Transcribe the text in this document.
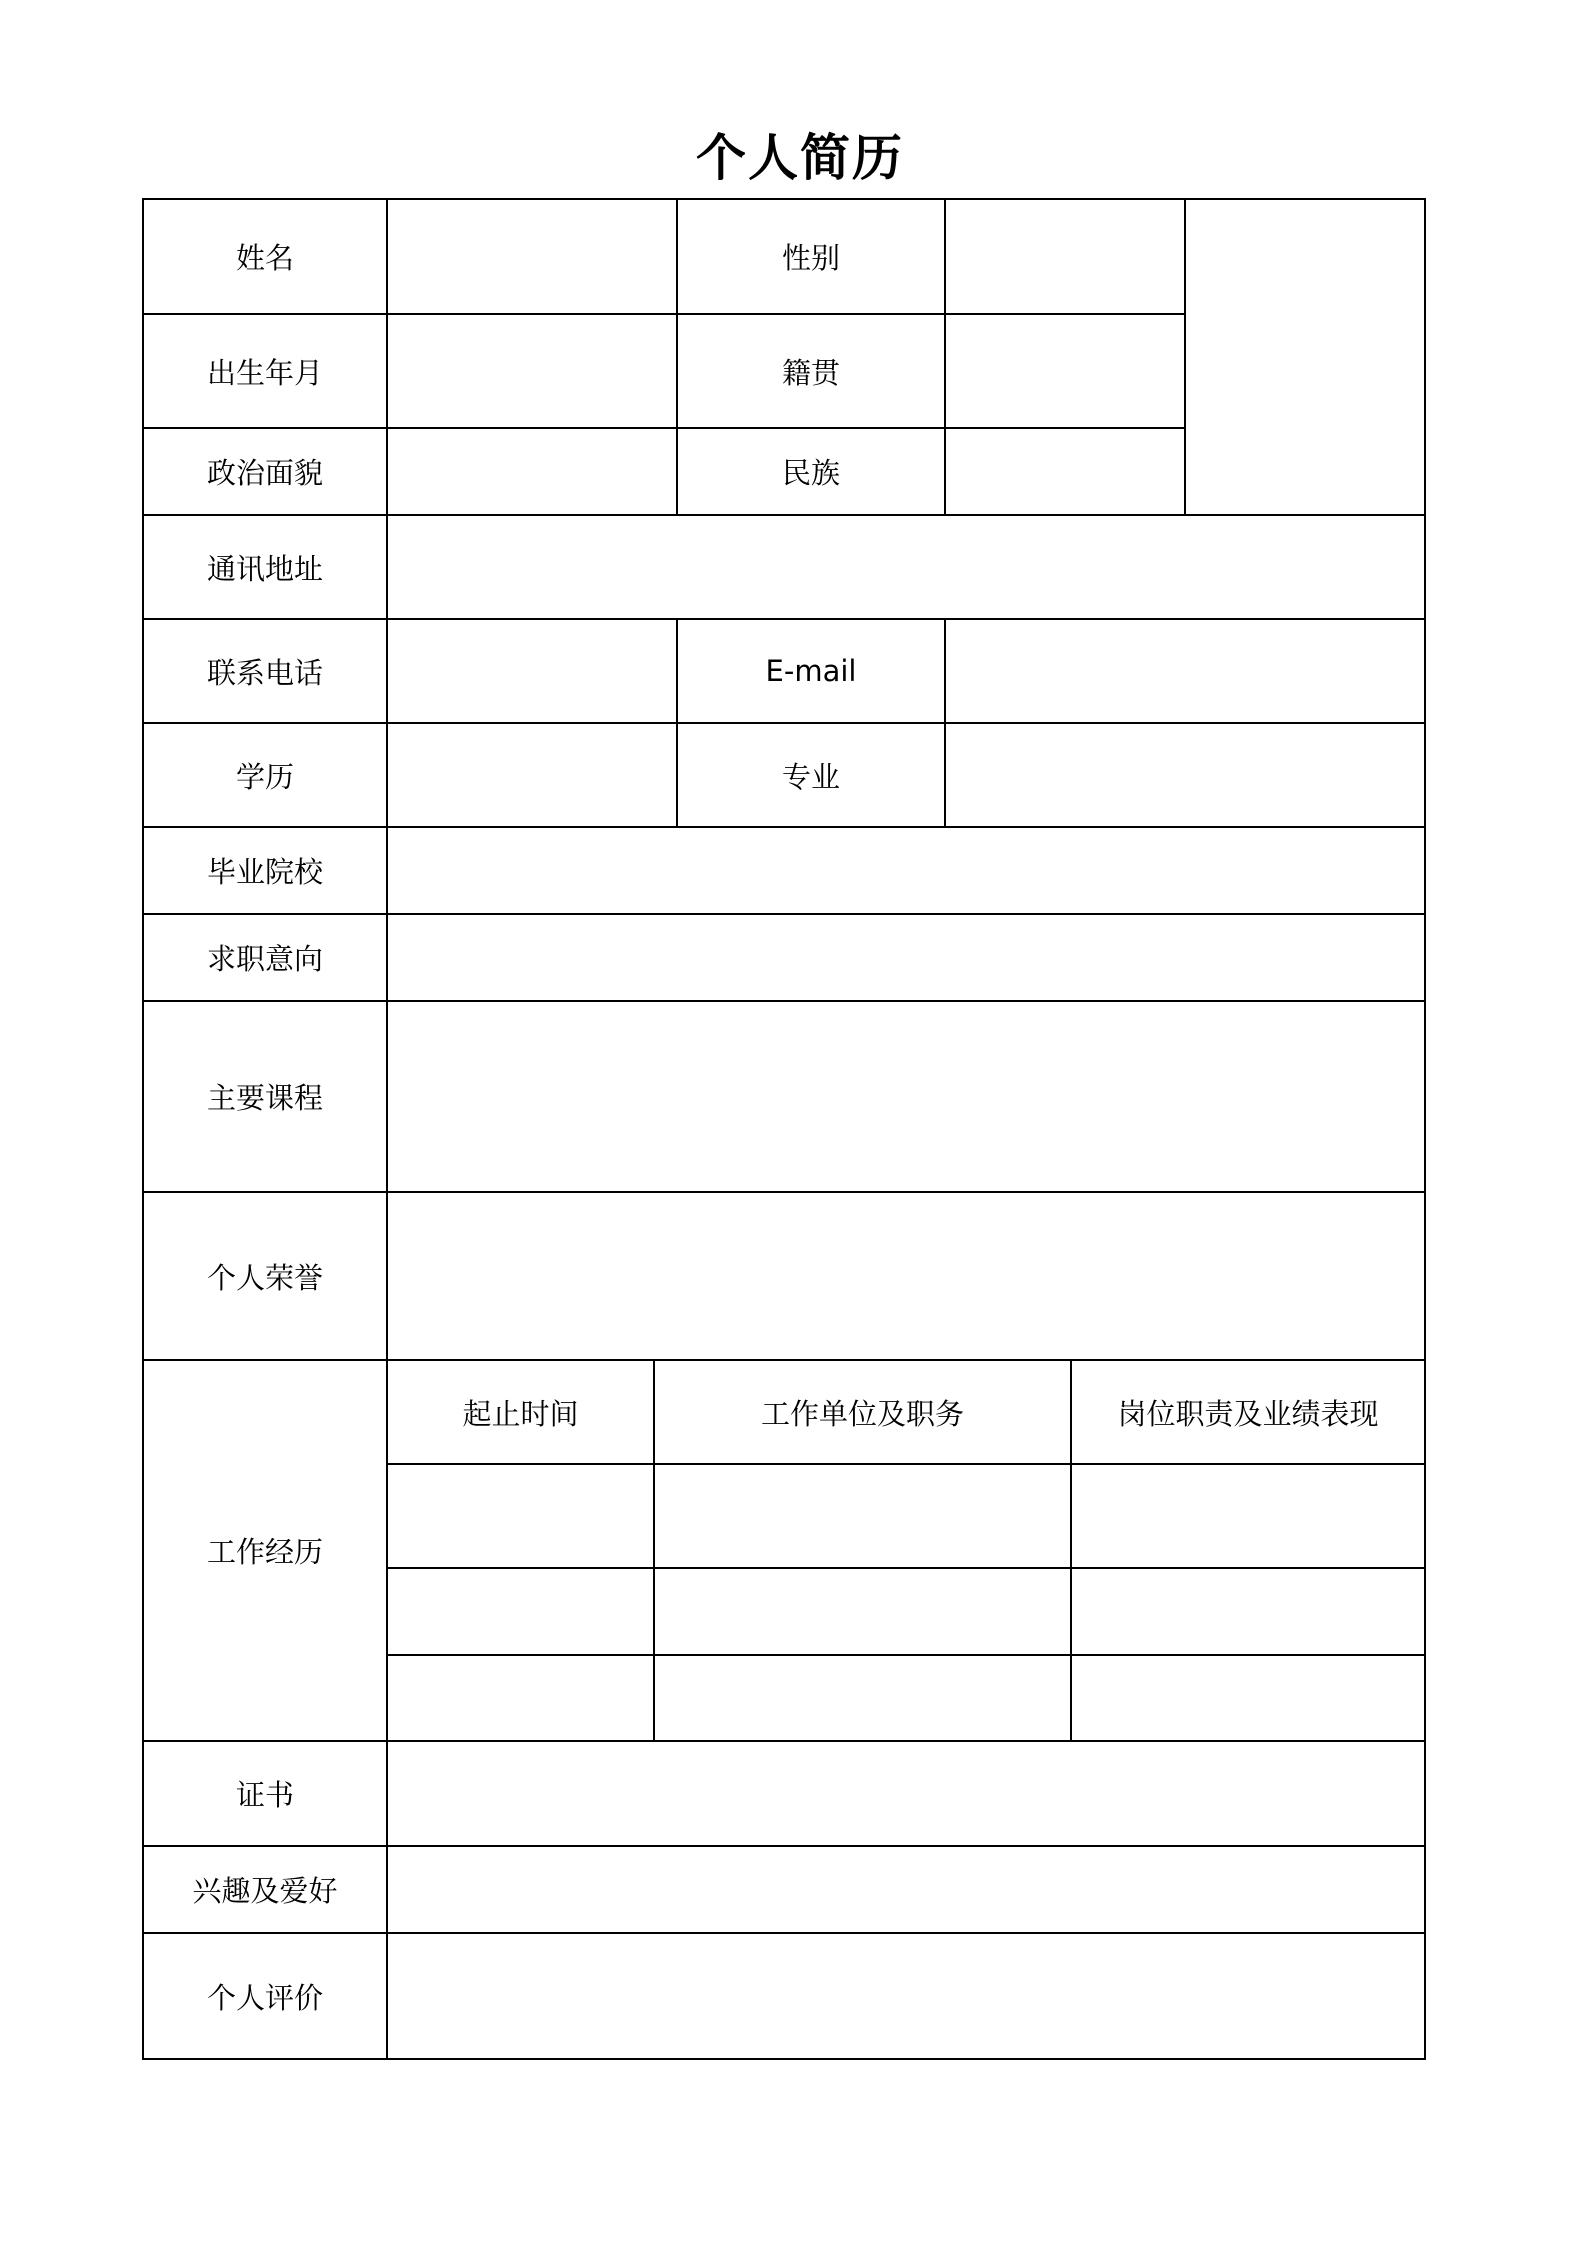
个人简历
姓名	性别
出生年月	籍贯
政治面貌	民族
通讯地址
联系电话	E-mail
学历	专业
毕业院校
求职意向
主要课程
个人荣誉
工作经历
起止时间	工作单位及职务	岗位职责及业绩表现
证书
兴趣及爱好
个人评价
